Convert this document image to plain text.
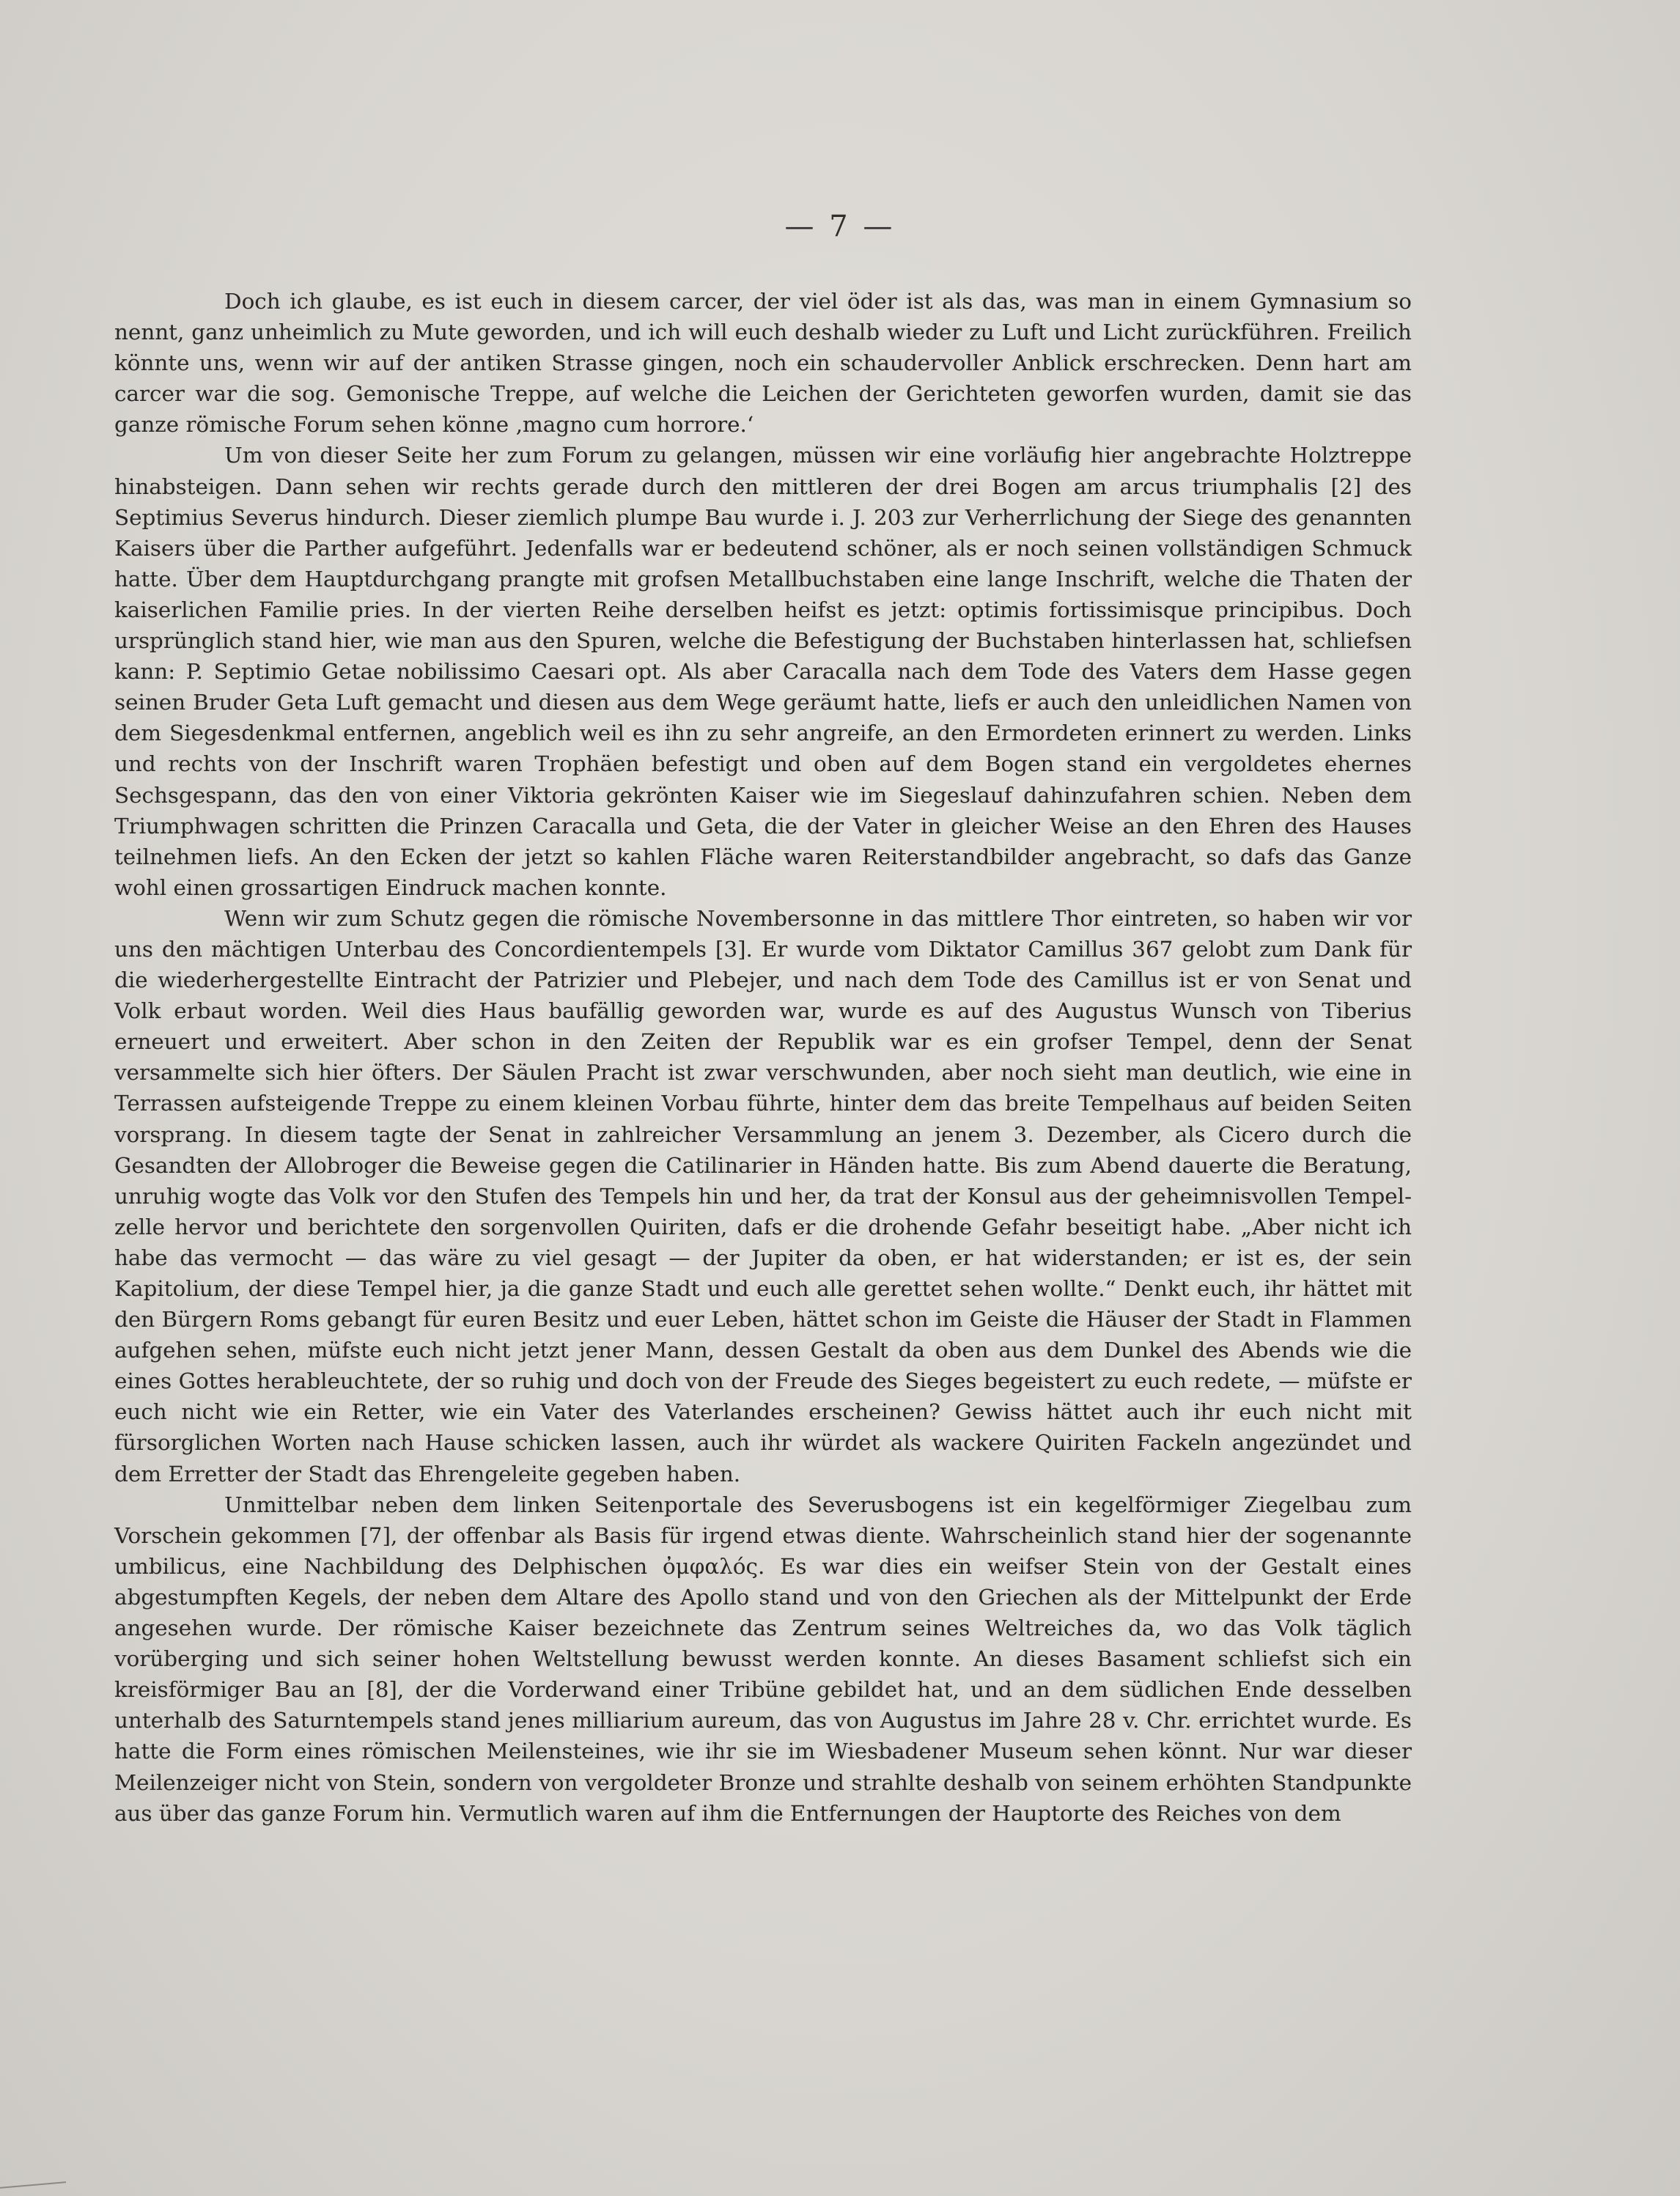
— 7 —

Doch ich glaube, es ist euch in diesem carcer, der viel öder ist als das, was man in einem Gymnasium so nennt, ganz unheimlich zu Mute geworden, und ich will euch deshalb wieder zu Luft und Licht zurückführen. Freilich könnte uns, wenn wir auf der antiken Strasse gingen, noch ein schaudervoller Anblick erschrecken. Denn hart am carcer war die sog. Gemonische Treppe, auf welche die Leichen der Gerichteten geworfen wurden, damit sie das ganze römische Forum sehen könne ‚magno cum horrore.‘

Um von dieser Seite her zum Forum zu gelangen, müssen wir eine vorläufig hier angebrachte Holztreppe hinabsteigen. Dann sehen wir rechts gerade durch den mittleren der drei Bogen am arcus triumphalis [2] des Septimius Severus hindurch. Dieser ziemlich plumpe Bau wurde i. J. 203 zur Verherrlichung der Siege des genannten Kaisers über die Parther aufgeführt. Jedenfalls war er bedeutend schöner, als er noch seinen vollständigen Schmuck hatte. Über dem Hauptdurchgang prangte mit grofsen Metallbuchstaben eine lange Inschrift, welche die Thaten der kaiserlichen Familie pries. In der vierten Reihe derselben heifst es jetzt: optimis fortissimisque principibus. Doch ursprünglich stand hier, wie man aus den Spuren, welche die Befestigung der Buchstaben hinterlassen hat, schliefsen kann: P. Septimio Getae nobilissimo Caesari opt. Als aber Caracalla nach dem Tode des Vaters dem Hasse gegen seinen Bruder Geta Luft gemacht und diesen aus dem Wege geräumt hatte, liefs er auch den unleidlichen Namen von dem Siegesdenkmal entfernen, angeblich weil es ihn zu sehr angreife, an den Ermordeten erinnert zu werden. Links und rechts von der Inschrift waren Trophäen befestigt und oben auf dem Bogen stand ein vergoldetes ehernes Sechsgespann, das den von einer Viktoria gekrönten Kaiser wie im Siegeslauf dahinzufahren schien. Neben dem Triumphwagen schritten die Prinzen Caracalla und Geta, die der Vater in gleicher Weise an den Ehren des Hauses teilnehmen liefs. An den Ecken der jetzt so kahlen Fläche waren Reiterstandbilder angebracht, so dafs das Ganze wohl einen grossartigen Eindruck machen konnte.

Wenn wir zum Schutz gegen die römische Novembersonne in das mittlere Thor eintreten, so haben wir vor uns den mächtigen Unterbau des Concordientempels [3]. Er wurde vom Diktator Camillus 367 gelobt zum Dank für die wiederhergestellte Eintracht der Patrizier und Plebejer, und nach dem Tode des Camillus ist er von Senat und Volk erbaut worden. Weil dies Haus baufällig geworden war, wurde es auf des Augustus Wunsch von Tiberius erneuert und erweitert. Aber schon in den Zeiten der Republik war es ein grofser Tempel, denn der Senat versammelte sich hier öfters. Der Säulen Pracht ist zwar verschwunden, aber noch sieht man deutlich, wie eine in Terrassen aufsteigende Treppe zu einem kleinen Vorbau führte, hinter dem das breite Tempelhaus auf beiden Seiten vorsprang. In diesem tagte der Senat in zahlreicher Versammlung an jenem 3. Dezember, als Cicero durch die Gesandten der Allobroger die Beweise gegen die Catilinarier in Händen hatte. Bis zum Abend dauerte die Beratung, unruhig wogte das Volk vor den Stufen des Tempels hin und her, da trat der Konsul aus der geheimnisvollen Tempelzelle hervor und berichtete den sorgenvollen Quiriten, dafs er die drohende Gefahr beseitigt habe. „Aber nicht ich habe das vermocht — das wäre zu viel gesagt — der Jupiter da oben, er hat widerstanden; er ist es, der sein Kapitolium, der diese Tempel hier, ja die ganze Stadt und euch alle gerettet sehen wollte.“ Denkt euch, ihr hättet mit den Bürgern Roms gebangt für euren Besitz und euer Leben, hättet schon im Geiste die Häuser der Stadt in Flammen aufgehen sehen, müfste euch nicht jetzt jener Mann, dessen Gestalt da oben aus dem Dunkel des Abends wie die eines Gottes herableuchtete, der so ruhig und doch von der Freude des Sieges begeistert zu euch redete, — müfste er euch nicht wie ein Retter, wie ein Vater des Vaterlandes erscheinen? Gewiss hättet auch ihr euch nicht mit fürsorglichen Worten nach Hause schicken lassen, auch ihr würdet als wackere Quiriten Fackeln angezündet und dem Erretter der Stadt das Ehrengeleite gegeben haben.

Unmittelbar neben dem linken Seitenportale des Severusbogens ist ein kegelförmiger Ziegelbau zum Vorschein gekommen [7], der offenbar als Basis für irgend etwas diente. Wahrscheinlich stand hier der sogenannte umbilicus, eine Nachbildung des Delphischen ὀμφαλός. Es war dies ein weifser Stein von der Gestalt eines abgestumpften Kegels, der neben dem Altare des Apollo stand und von den Griechen als der Mittelpunkt der Erde angesehen wurde. Der römische Kaiser bezeichnete das Zentrum seines Weltreiches da, wo das Volk täglich vorüberging und sich seiner hohen Weltstellung bewusst werden konnte. An dieses Basament schliefst sich ein kreisförmiger Bau an [8], der die Vorderwand einer Tribüne gebildet hat, und an dem südlichen Ende desselben unterhalb des Saturntempels stand jenes milliarium aureum, das von Augustus im Jahre 28 v. Chr. errichtet wurde. Es hatte die Form eines römischen Meilensteines, wie ihr sie im Wiesbadener Museum sehen könnt. Nur war dieser Meilenzeiger nicht von Stein, sondern von vergoldeter Bronze und strahlte deshalb von seinem erhöhten Standpunkte aus über das ganze Forum hin. Vermutlich waren auf ihm die Entfernungen der Hauptorte des Reiches von dem
